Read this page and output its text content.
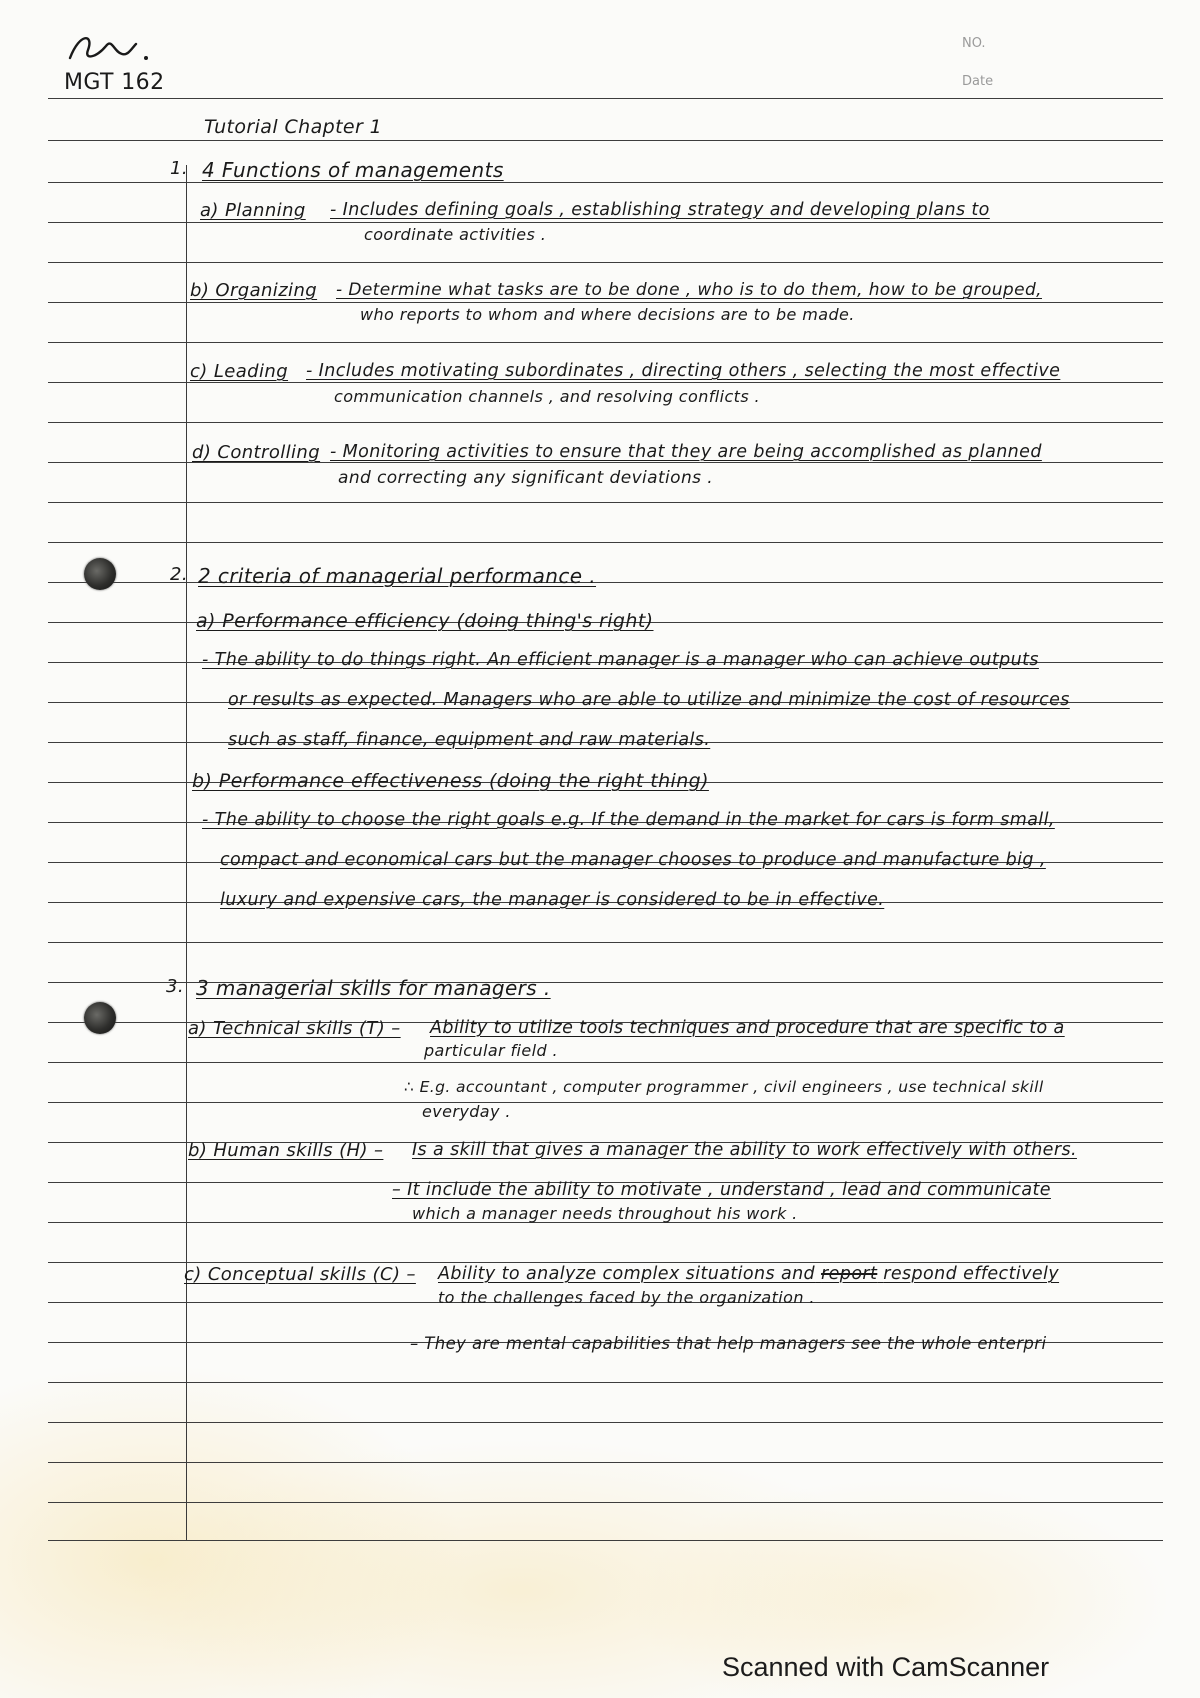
MGT 162
NO.
Date
Tutorial Chapter 1
1. 4 Functions of managements
a) Planning - Includes defining goals , establishing strategy and developing plans to
coordinate activities .
b) Organizing - Determine what tasks are to be done , who is to do them, how to be grouped,
who reports to whom and where decisions are to be made.
c) Leading - Includes motivating subordinates , directing others , selecting the most effective
communication channels , and resolving conflicts .
d) Controlling - Monitoring activities to ensure that they are being accomplished as planned
and correcting any significant deviations .
2. 2 criteria of managerial performance .
a) Performance efficiency (doing thing's right)
- The ability to do things right. An efficient manager is a manager who can achieve outputs
or results as expected. Managers who are able to utilize and minimize the cost of resources
such as staff, finance, equipment and raw materials.
b) Performance effectiveness (doing the right thing)
- The ability to choose the right goals e.g. If the demand in the market for cars is form small,
compact and economical cars but the manager chooses to produce and manufacture big ,
luxury and expensive cars, the manager is considered to be in effective.
3. 3 managerial skills for managers .
a) Technical skills (T) – Ability to utilize tools techniques and procedure that are specific to a
particular field .
∴ E.g. accountant , computer programmer , civil engineers , use technical skill
everyday .
b) Human skills (H) – Is a skill that gives a manager the ability to work effectively with others.
– It include the ability to motivate , understand , lead and communicate
which a manager needs throughout his work .
c) Conceptual skills (C) – Ability to analyze complex situations and report respond effectively
to the challenges faced by the organization .
– They are mental capabilities that help managers see the whole enterpri
Scanned with CamScanner
